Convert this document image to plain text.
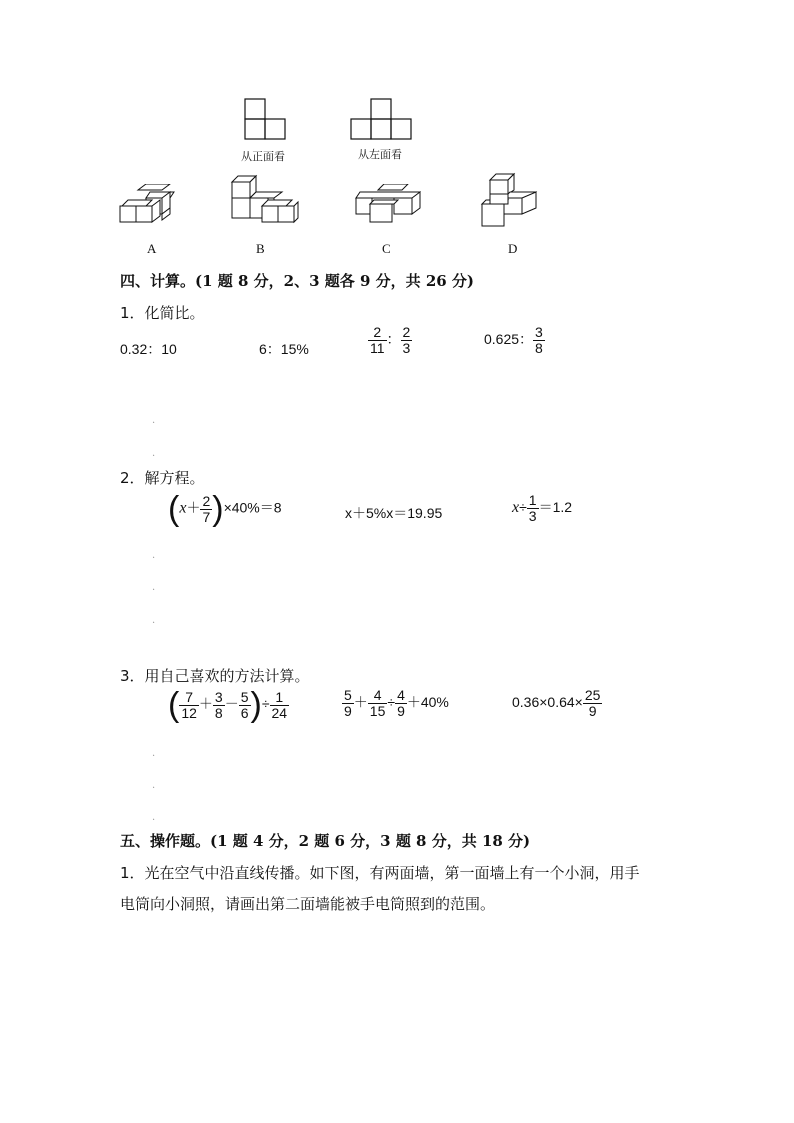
从正面看	从左面看
A	B	C	D
四、计算。(1 题 8 分，2、3 题各 9 分，共 26 分)
1．化简比。
0.32：10	6：15%	$\frac{2}{11}$ ： $\frac{2}{3}$	0.625： $\frac{3}{8}$
.
.
2．解方程。
$(x+ \frac{2}{7} )\times 40\%=8$	x＋5%x＝19.95	$x\div \frac{1}{3} =1.2$
.
.
.
3．用自己喜欢的方法计算。
( $\frac{7}{12} + \frac{3}{8} - \frac{5}{6}$ )÷ $\frac{1}{24}$	$\frac{5}{9} + \frac{4}{15} \div \frac{4}{9} +40\%$	$0.36\times 0.64\times \frac{25}{9}$
.
.
.
五、操作题。(1 题 4 分，2 题 6 分，3 题 8 分，共 18 分)
1．光在空气中沿直线传播。如下图，有两面墙，第一面墙上有一个小洞，用手
电筒向小洞照，请画出第二面墙能被手电筒照到的范围。
